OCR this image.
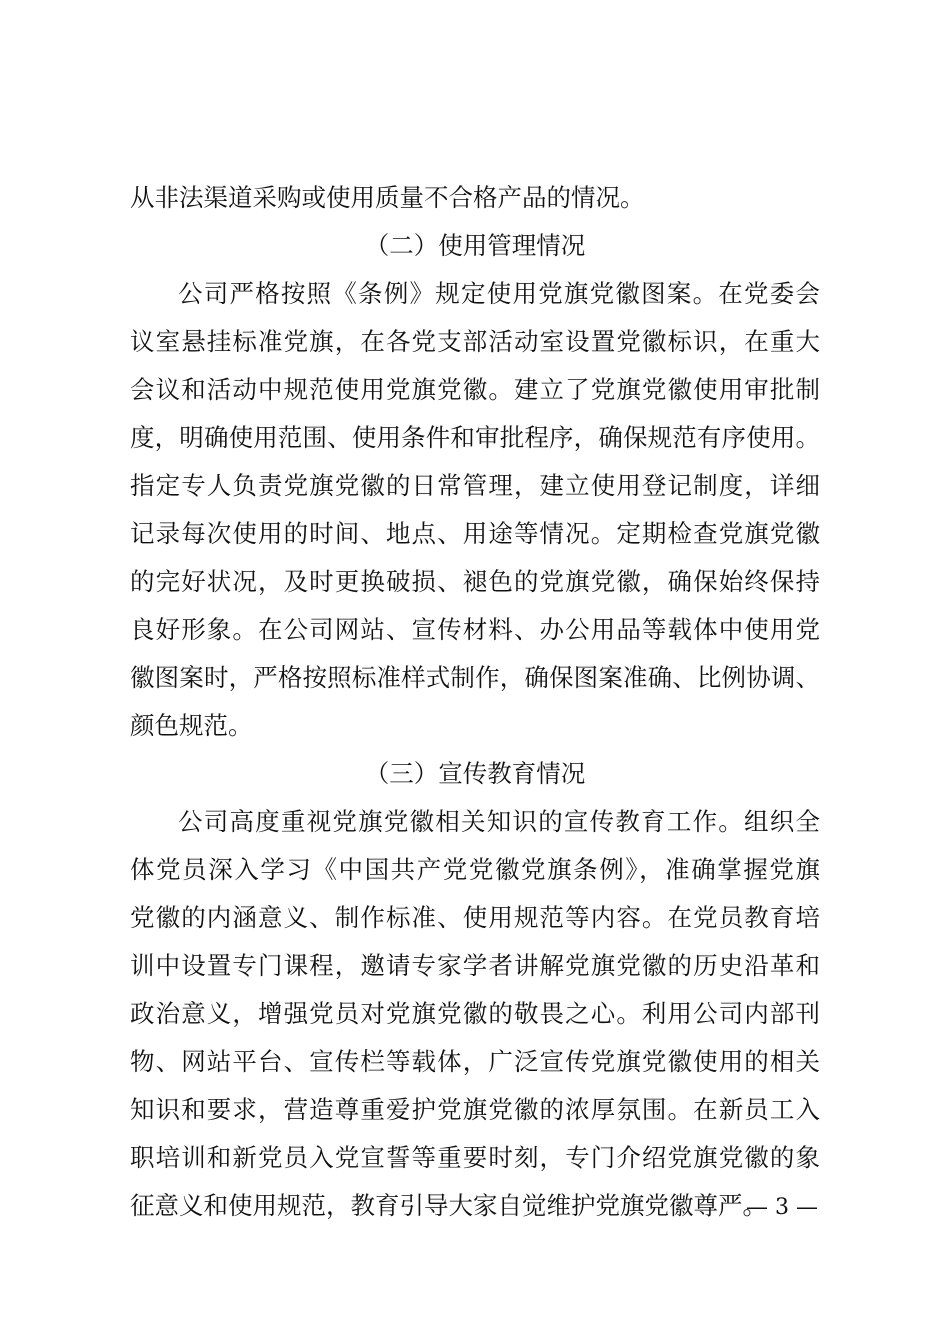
从非法渠道采购或使用质量不合格产品的情况。
（二）使用管理情况
公司严格按照《条例》规定使用党旗党徽图案。在党委会
议室悬挂标准党旗，在各党支部活动室设置党徽标识，在重大
会议和活动中规范使用党旗党徽。建立了党旗党徽使用审批制
度，明确使用范围、使用条件和审批程序，确保规范有序使用。
指定专人负责党旗党徽的日常管理，建立使用登记制度，详细
记录每次使用的时间、地点、用途等情况。定期检查党旗党徽
的完好状况，及时更换破损、褪色的党旗党徽，确保始终保持
良好形象。在公司网站、宣传材料、办公用品等载体中使用党
徽图案时，严格按照标准样式制作，确保图案准确、比例协调、
颜色规范。
（三）宣传教育情况
公司高度重视党旗党徽相关知识的宣传教育工作。组织全
体党员深入学习《中国共产党党徽党旗条例》，准确掌握党旗
党徽的内涵意义、制作标准、使用规范等内容。在党员教育培
训中设置专门课程，邀请专家学者讲解党旗党徽的历史沿革和
政治意义，增强党员对党旗党徽的敬畏之心。利用公司内部刊
物、网站平台、宣传栏等载体，广泛宣传党旗党徽使用的相关
知识和要求，营造尊重爱护党旗党徽的浓厚氛围。在新员工入
职培训和新党员入党宣誓等重要时刻，专门介绍党旗党徽的象
征意义和使用规范，教育引导大家自觉维护党旗党徽尊严。
— 3 —
